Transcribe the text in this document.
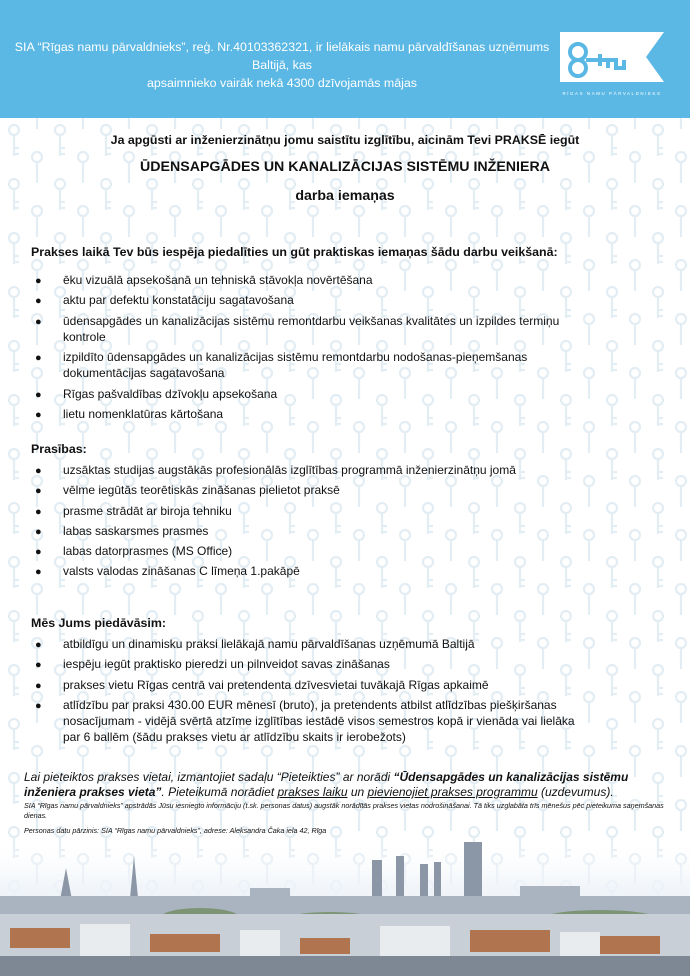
SIA “Rīgas namu pārvaldnieks”, reģ. Nr.40103362321, ir lielākais namu pārvaldīšanas uzņēmums Baltijā, kas
apsaimnieko vairāk nekā 4300 dzīvojamās mājas
RĪGAS NAMU PĀRVALDNIEKS
Ja apgūsti ar inženierzinātņu jomu saistītu izglītību, aicinām Tevi PRAKSĒ iegūt
ŪDENSAPGĀDES UN KANALIZĀCIJAS SISTĒMU INŽENIERA
darba iemaņas
Prakses laikā Tev būs iespēja piedalīties un gūt praktiskas iemaņas šādu darbu veikšanā:
● ēku vizuālā apsekošanā un tehniskā stāvokļa novērtēšana
● aktu par defektu konstatāciju sagatavošana
● ūdensapgādes un kanalizācijas sistēmu remontdarbu veikšanas kvalitātes un izpildes termiņu kontrole
● izpildīto ūdensapgādes un kanalizācijas sistēmu remontdarbu nodošanas-pieņemšanas dokumentācijas sagatavošana
● Rīgas pašvaldības dzīvokļu apsekošana
● lietu nomenklatūras kārtošana
Prasības:
● uzsāktas studijas augstākās profesionālās izglītības programmā inženierzinātņu jomā
● vēlme iegūtās teorētiskās zināšanas pielietot praksē
● prasme strādāt ar biroja tehniku
● labas saskarsmes prasmes
● labas datorprasmes (MS Office)
● valsts valodas zināšanas C līmeņa 1.pakāpē
Mēs Jums piedāvāsim:
● atbildīgu un dinamisku praksi lielākajā namu pārvaldīšanas uzņēmumā Baltijā
● iespēju iegūt praktisko pieredzi un pilnveidot savas zināšanas
● prakses vietu Rīgas centrā vai pretendenta dzīvesvietai tuvākajā Rīgas apkaimē
● atlīdzību par praksi 430.00 EUR mēnesī (bruto), ja pretendents atbilst atlīdzības piešķiršanas nosacījumam - vidējā svērtā atzīme izglītības iestādē visos semestros kopā ir vienāda vai lielāka par 6 ballēm (šādu prakses vietu ar atlīdzību skaits ir ierobežots)
Lai pieteiktos prakses vietai, izmantojiet sadaļu “Pieteikties” ar norādi “Ūdensapgādes un kanalizācijas sistēmu inženiera prakses vieta”. Pieteikumā norādiet prakses laiku un pievienojiet prakses programmu (uzdevumus).
SIA “Rīgas namu pārvaldnieks” apstrādās Jūsu iesniegto informāciju (t.sk. personas datus) augstāk norādītās prakses vietas nodrošināšanai. Tā tiks uzglabāta trīs mēnešus pēc pieteikuma saņemšanas dienas.
Personas datu pārzinis: SIA “Rīgas namu pārvaldnieks”, adrese: Aleksandra Čaka iela 42, Rīga
